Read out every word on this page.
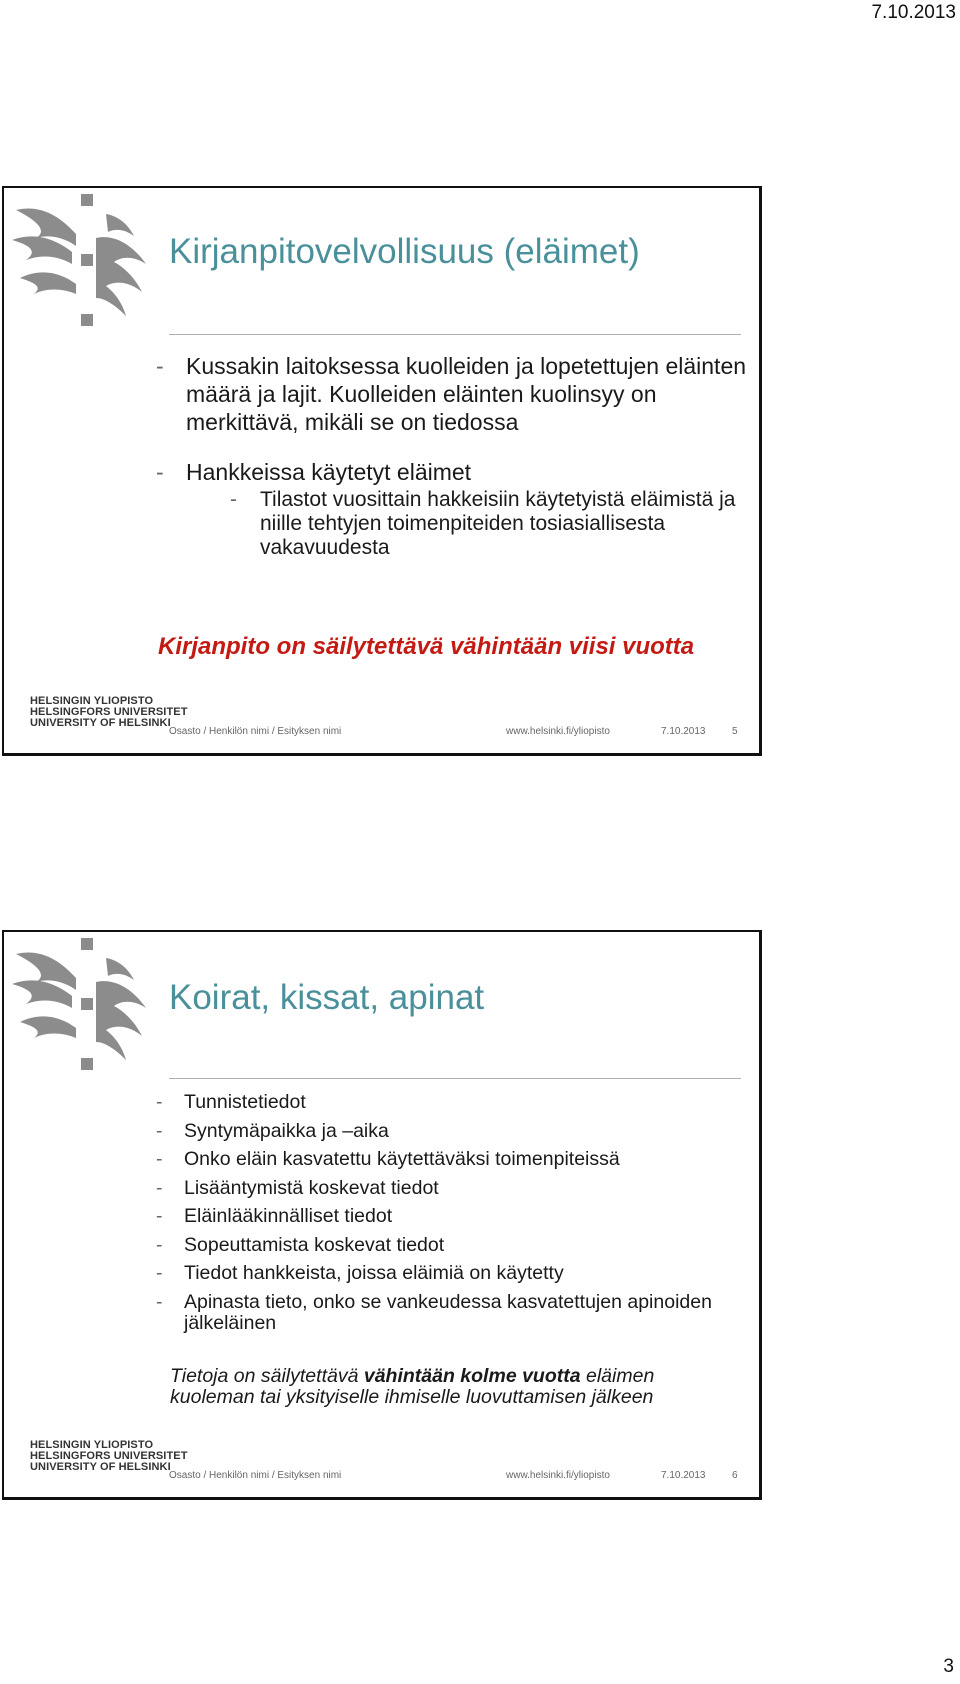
7.10.2013
Kirjanpitovelvollisuus (eläimet)
- Kussakin laitoksessa kuolleiden ja lopetettujen eläinten määrä ja lajit. Kuolleiden eläinten kuolinsyy on merkittävä, mikäli se on tiedossa
- Hankkeissa käytetyt eläimet
- Tilastot vuosittain hakkeisiin käytetyistä eläimistä ja niille tehtyjen toimenpiteiden tosiasiallisesta vakavuudesta

Kirjanpito on säilytettävä vähintään viisi vuotta

HELSINGIN YLIOPISTO
HELSINGFORS UNIVERSITET
UNIVERSITY OF HELSINKI

Osasto / Henkilön nimi / Esityksen nimi	www.helsinki.fi/yliopisto	7.10.2013	5
Koirat, kissat, apinat
- Tunnistetiedot
- Syntymäpaikka ja –aika
- Onko eläin kasvatettu käytettäväksi toimenpiteissä
- Lisääntymistä koskevat tiedot
- Eläinlääkinnälliset tiedot
- Sopeuttamista koskevat tiedot
- Tiedot hankkeista, joissa eläimiä on käytetty
- Apinasta tieto, onko se vankeudessa kasvatettujen apinoiden jälkeläinen

Tietoja on säilytettävä vähintään kolme vuotta eläimen kuoleman tai yksityiselle ihmiselle luovuttamisen jälkeen

HELSINGIN YLIOPISTO
HELSINGFORS UNIVERSITET
UNIVERSITY OF HELSINKI

Osasto / Henkilön nimi / Esityksen nimi	www.helsinki.fi/yliopisto	7.10.2013	6
3
